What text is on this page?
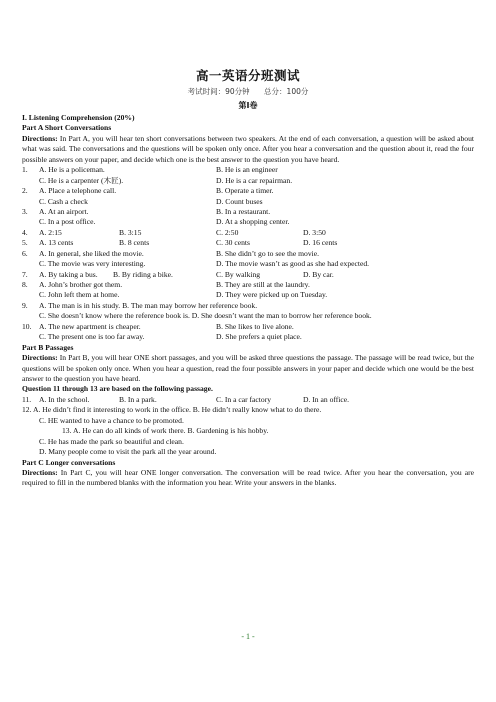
高一英语分班测试
考试时间：90分钟 总分：100分
第I卷
I. Listening Comprehension (20%)
Part A Short Conversations
Directions: In Part A, you will hear ten short conversations between two speakers. At the end of each conversation, a question will be asked about what was said. The conversations and the questions will be spoken only once. After you hear a conversation and the question about it, read the four possible answers on your paper, and decide which one is the best answer to the question you have heard.
1. A. He is a policeman.	B. He is an engineer
C. He is a carpenter (木匠).	D. He is a car repairman.
2. A. Place a telephone call.	B. Operate a timer.
C. Cash a check	D. Count buses
3. A. At an airport.	B. In a restaurant.
C. In a post office.	D. At a shopping center.
4. A. 2:15	B. 3:15	C. 2:50	D. 3:50
5. A. 13 cents	B. 8 cents	C. 30 cents	D. 16 cents
6. A. In general, she liked the movie.	B. She didn’t go to see the movie.
C. The movie was very interesting.	D. The movie wasn’t as good as she had expected.
7. A. By taking a bus. B. By riding a bike.	C. By walking	D. By car.
8. A. John’s brother got them.	B. They are still at the laundry.
C. John left them at home.	D. They were picked up on Tuesday.
9. A. The man is in his study. B. The man may borrow her reference book.
C. She doesn’t know where the reference book is. D. She doesn’t want the man to borrow her reference book.
10. A. The new apartment is cheaper.	B. She likes to live alone.
C. The present one is too far away.	D. She prefers a quiet place.
Part B Passages
Directions: In Part B, you will hear ONE short passages, and you will be asked three questions the passage. The passage will be read twice, but the questions will be spoken only once. When you hear a question, read the four possible answers in your paper and decide which one would be the best answer to the question you have heard.
Question 11 through 13 are based on the following passage.
11. A. In the school.	B. In a park.	C. In a car factory	D. In an office.
12. A. He didn’t find it interesting to work in the office. B. He didn’t really know what to do there.
C. HE wanted to have a chance to be promoted.
13. A. He can do all kinds of work there. B. Gardening is his hobby.
C. He has made the park so beautiful and clean.
D. Many people come to visit the park all the year around.
Part C Longer conversations
Directions: In Part C, you will hear ONE longer conversation. The conversation will be read twice. After you hear the conversation, you are required to fill in the numbered blanks with the information you hear. Write your answers in the blanks.
- 1 -
